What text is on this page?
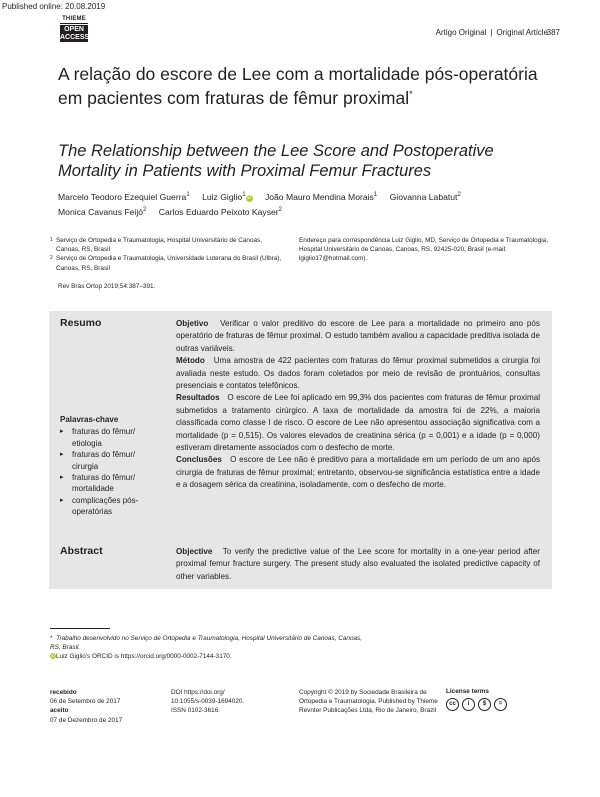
Published online: 20.08.2019
THIEME
OPEN
ACCESS	Artigo Original | Original Article
387
A relação do escore de Lee com a mortalidade pós-operatória em pacientes com fraturas de fêmur proximal*
The Relationship between the Lee Score and Postoperative Mortality in Patients with Proximal Femur Fractures
Marcelo Teodoro Ezequiel Guerra$^1$ Luiz Giglio$^1$iD João Mauro Mendina Morais$^1$ Giovanna Labatut$^2$
Monica Cavanus Feijó$^2$ Carlos Eduardo Peixoto Kayser$^2$
1 Serviço de Ortopedia e Traumatologia, Hospital Universitário de Canoas, Canoas, RS, Brasil
2 Serviço de Ortopedia e Traumatologia, Universidade Luterana do Brasil (Ulbra), Canoas, RS, Brasil
Endereço para correspondência Luiz Giglio, MD, Serviço de Ortopedia e Traumatologia, Hospital Universitário de Canoas, Canoas, RS, 92425-020, Brasil (e-mail: lgiglio17@hotmail.com).
Rev Bras Ortop 2019;54:387–391.
Resumo	Objetivo Verificar o valor preditivo do escore de Lee para a mortalidade no primeiro ano pós operatório de fraturas de fêmur proximal. O estudo também avaliou a capacidade preditiva isolada de outras variáveis.
Método Uma amostra de 422 pacientes com fraturas do fêmur proximal submetidos a cirurgia foi avaliada neste estudo. Os dados foram coletados por meio de revisão de prontuários, consultas presenciais e contatos telefônicos.
Resultados O escore de Lee foi aplicado em 99,3% dos pacientes com fraturas de fêmur proximal submetidos a tratamento cirúrgico. A taxa de mortalidade da amostra foi de 22%, a maioria classificada como classe I de risco. O escore de Lee não apresentou associação significativa com a mortalidade (p = 0,515). Os valores elevados de creatinina sérica (p = 0,001) e a idade (p = 0,000) estiveram diretamente associados com o desfecho de morte.
Conclusões O escore de Lee não é preditivo para a mortalidade em um período de um ano após cirurgia de fraturas de fêmur proximal; entretanto, observou-se significância estatística entre a idade e a dosagem sérica da creatinina, isoladamente, com o desfecho de morte.
Palavras-chave
▸ fraturas do fêmur/ etiologia
▸ fraturas do fêmur/ cirurgia
▸ fraturas do fêmur/ mortalidade
▸ complicações pós-operatórias
Abstract	Objective To verify the predictive value of the Lee score for mortality in a one-year period after proximal femur fracture surgery. The present study also evaluated the isolated predictive capacity of other variables.
* Trabalho desenvolvido no Serviço de Ortopedia e Traumatologia, Hospital Universitário de Canoas, Canoas, RS, Brasil.
iDLuiz Giglio's ORCID is https://orcid.org/0000-0002-7144-3170.
recebido
06 de Setembro de 2017
aceito
07 de Dezembro de 2017
DOI https://doi.org/
10.1055/s-0039-1694020.
ISSN 0102-3616.
Copyright © 2019 by Sociedade Brasileira de Ortopedia e Traumatologia. Published by Thieme Revnter Publicações Ltda, Rio de Janeiro, Brazil
License terms
cc	i	$	=
